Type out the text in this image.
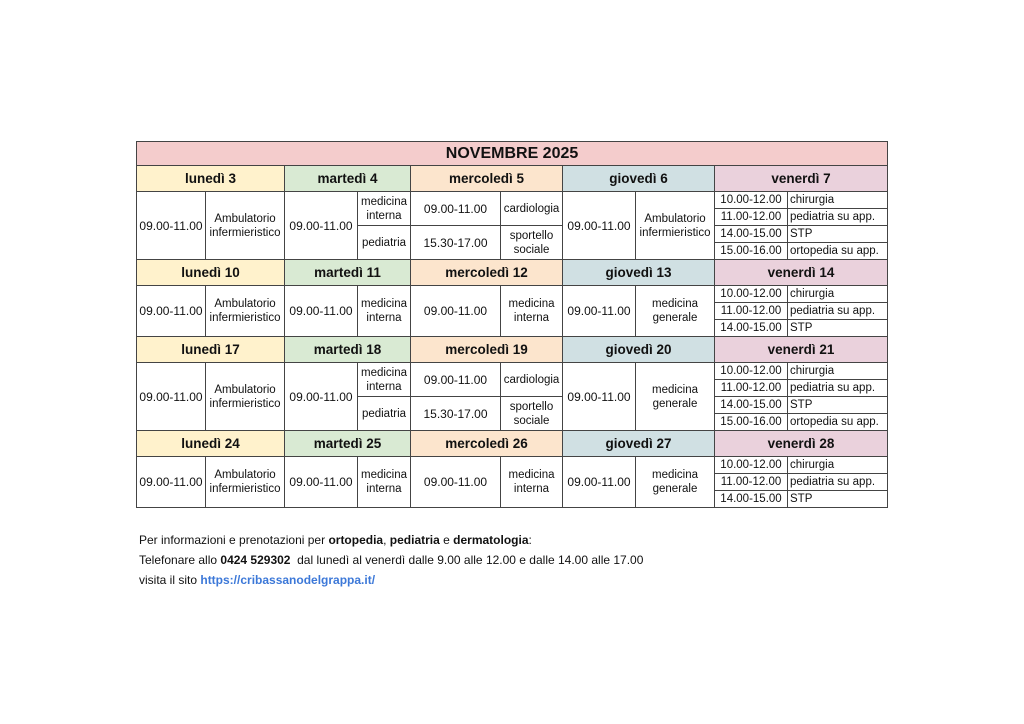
NOVEMBRE 2025									
lunedì 3		martedì 4		mercoledì 5		giovedì 6		venerdì 7	
09.00-11.00	Ambulatorio infermieristico	09.00-11.00	medicina interna	09.00-11.00	cardiologia	09.00-11.00	Ambulatorio infermieristico	10.00-12.00	chirurgia
								11.00-12.00	pediatria su app.
			pediatria	15.30-17.00	sportello sociale			14.00-15.00	STP
								15.00-16.00	ortopedia su app.
lunedì 10		martedì 11		mercoledì 12		giovedì 13		venerdì 14	
09.00-11.00	Ambulatorio infermieristico	09.00-11.00	medicina interna	09.00-11.00	medicina interna	09.00-11.00	medicina generale	10.00-12.00	chirurgia
								11.00-12.00	pediatria su app.
								14.00-15.00	STP
lunedì 17		martedì 18		mercoledì 19		giovedì 20		venerdì 21	
09.00-11.00	Ambulatorio infermieristico	09.00-11.00	medicina interna	09.00-11.00	cardiologia	09.00-11.00	medicina generale	10.00-12.00	chirurgia
								11.00-12.00	pediatria su app.
			pediatria	15.30-17.00	sportello sociale			14.00-15.00	STP
								15.00-16.00	ortopedia su app.
lunedì 24		martedì 25		mercoledì 26		giovedì 27		venerdì 28	
09.00-11.00	Ambulatorio infermieristico	09.00-11.00	medicina interna	09.00-11.00	medicina interna	09.00-11.00	medicina generale	10.00-12.00	chirurgia
								11.00-12.00	pediatria su app.
								14.00-15.00	STP

Per informazioni e prenotazioni per ortopedia, pediatria e dermatologia:

Telefonare allo 0424 529302  dal lunedì al venerdì dalle 9.00 alle 12.00 e dalle 14.00 alle 17.00

visita il sito https://cribassanodelgrappa.it/
